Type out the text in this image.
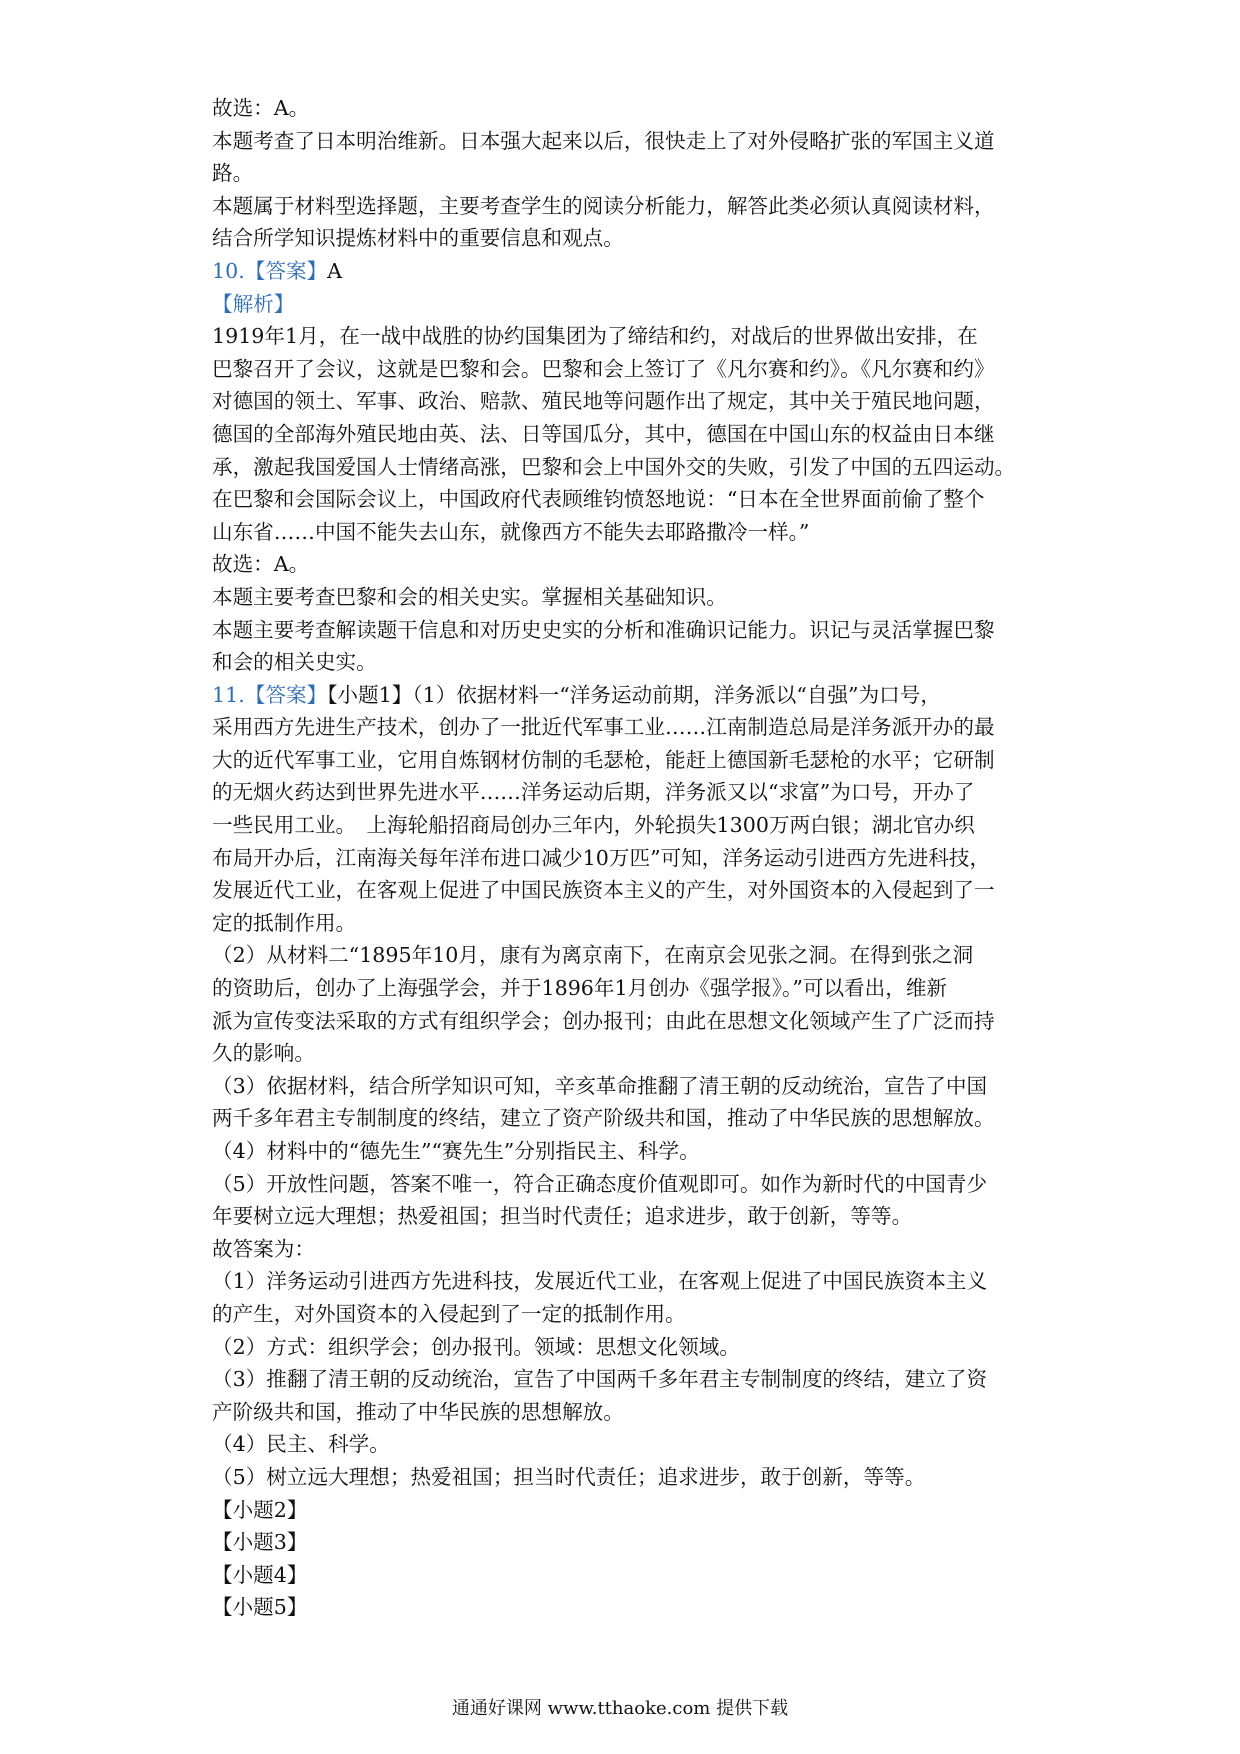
故选：A。
本题考查了日本明治维新。日本强大起来以后，很快走上了对外侵略扩张的军国主义道
路。
本题属于材料型选择题，主要考查学生的阅读分析能力，解答此类必须认真阅读材料，
结合所学知识提炼材料中的重要信息和观点。
10.【答案】A
【解析】
1919年1月，在一战中战胜的协约国集团为了缔结和约，对战后的世界做出安排，在
巴黎召开了会议，这就是巴黎和会。巴黎和会上签订了《凡尔赛和约》。《凡尔赛和约》
对德国的领土、军事、政治、赔款、殖民地等问题作出了规定，其中关于殖民地问题，
德国的全部海外殖民地由英、法、日等国瓜分，其中，德国在中国山东的权益由日本继
承，激起我国爱国人士情绪高涨，巴黎和会上中国外交的失败，引发了中国的五四运动。
在巴黎和会国际会议上，中国政府代表顾维钧愤怒地说：“日本在全世界面前偷了整个
山东省……中国不能失去山东，就像西方不能失去耶路撒冷一样。”
故选：A。
本题主要考查巴黎和会的相关史实。掌握相关基础知识。
本题主要考查解读题干信息和对历史史实的分析和准确识记能力。识记与灵活掌握巴黎
和会的相关史实。
11.【答案】【小题1】（1）依据材料一“洋务运动前期，洋务派以“自强”为口号，
采用西方先进生产技术，创办了一批近代军事工业……江南制造总局是洋务派开办的最
大的近代军事工业，它用自炼钢材仿制的毛瑟枪，能赶上德国新毛瑟枪的水平；它研制
的无烟火药达到世界先进水平……洋务运动后期，洋务派又以“求富”为口号，开办了
一些民用工业。　上海轮船招商局创办三年内，外轮损失1300万两白银；湖北官办织
布局开办后，江南海关每年洋布进口减少10万匹”可知，洋务运动引进西方先进科技，
发展近代工业，在客观上促进了中国民族资本主义的产生，对外国资本的入侵起到了一
定的抵制作用。
（2）从材料二“1895年10月，康有为离京南下，在南京会见张之洞。在得到张之洞
的资助后，创办了上海强学会，并于1896年1月创办《强学报》。”可以看出，维新
派为宣传变法采取的方式有组织学会；创办报刊；由此在思想文化领域产生了广泛而持
久的影响。
（3）依据材料，结合所学知识可知，辛亥革命推翻了清王朝的反动统治，宣告了中国
两千多年君主专制制度的终结，建立了资产阶级共和国，推动了中华民族的思想解放。
（4）材料中的“德先生”“赛先生”分别指民主、科学。
（5）开放性问题，答案不唯一，符合正确态度价值观即可。如作为新时代的中国青少
年要树立远大理想；热爱祖国；担当时代责任；追求进步，敢于创新，等等。
故答案为：
（1）洋务运动引进西方先进科技，发展近代工业，在客观上促进了中国民族资本主义
的产生，对外国资本的入侵起到了一定的抵制作用。
（2）方式：组织学会；创办报刊。领域：思想文化领域。
（3）推翻了清王朝的反动统治，宣告了中国两千多年君主专制制度的终结，建立了资
产阶级共和国，推动了中华民族的思想解放。
（4）民主、科学。
（5）树立远大理想；热爱祖国；担当时代责任；追求进步，敢于创新，等等。
【小题2】
【小题3】
【小题4】
【小题5】
通通好课网 www.tthaoke.com 提供下载
